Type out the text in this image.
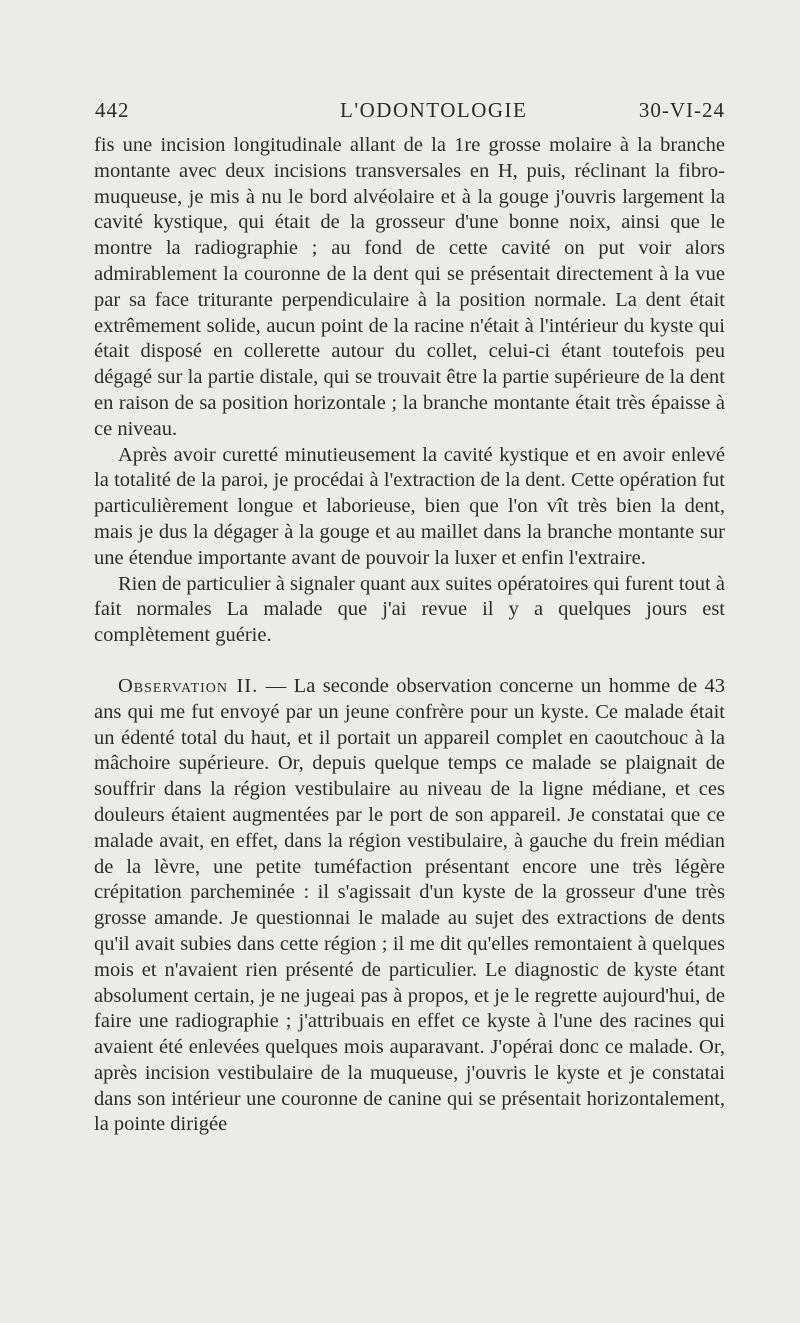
442	L'ODONTOLOGIE	30-VI-24

fis une incision longitudinale allant de la 1re grosse molaire à la branche montante avec deux incisions transversales en H, puis, réclinant la fibro-muqueuse, je mis à nu le bord alvéolaire et à la gouge j'ouvris largement la cavité kystique, qui était de la grosseur d'une bonne noix, ainsi que le montre la radiographie ; au fond de cette cavité on put voir alors admirablement la couronne de la dent qui se présentait directement à la vue par sa face triturante perpendiculaire à la position normale. La dent était extrêmement solide, aucun point de la racine n'était à l'intérieur du kyste qui était disposé en collerette autour du collet, celui-ci étant toutefois peu dégagé sur la partie distale, qui se trouvait être la partie supérieure de la dent en raison de sa position horizontale ; la branche montante était très épaisse à ce niveau.

Après avoir curetté minutieusement la cavité kystique et en avoir enlevé la totalité de la paroi, je procédai à l'extraction de la dent. Cette opération fut particulièrement longue et laborieuse, bien que l'on vît très bien la dent, mais je dus la dégager à la gouge et au maillet dans la branche montante sur une étendue importante avant de pouvoir la luxer et enfin l'extraire.

Rien de particulier à signaler quant aux suites opératoires qui furent tout à fait normales La malade que j'ai revue il y a quelques jours est complètement guérie.

Observation II. — La seconde observation concerne un homme de 43 ans qui me fut envoyé par un jeune confrère pour un kyste. Ce malade était un édenté total du haut, et il portait un appareil complet en caoutchouc à la mâchoire supérieure. Or, depuis quelque temps ce malade se plaignait de souffrir dans la région vestibulaire au niveau de la ligne médiane, et ces douleurs étaient augmentées par le port de son appareil. Je constatai que ce malade avait, en effet, dans la région vestibulaire, à gauche du frein médian de la lèvre, une petite tuméfaction présentant encore une très légère crépitation parcheminée : il s'agissait d'un kyste de la grosseur d'une très grosse amande. Je questionnai le malade au sujet des extractions de dents qu'il avait subies dans cette région ; il me dit qu'elles remontaient à quelques mois et n'avaient rien présenté de particulier. Le diagnostic de kyste étant absolument certain, je ne jugeai pas à propos, et je le regrette aujourd'hui, de faire une radiographie ; j'attribuais en effet ce kyste à l'une des racines qui avaient été enlevées quelques mois auparavant. J'opérai donc ce malade. Or, après incision vestibulaire de la muqueuse, j'ouvris le kyste et je constatai dans son intérieur une couronne de canine qui se présentait horizontalement, la pointe dirigée
